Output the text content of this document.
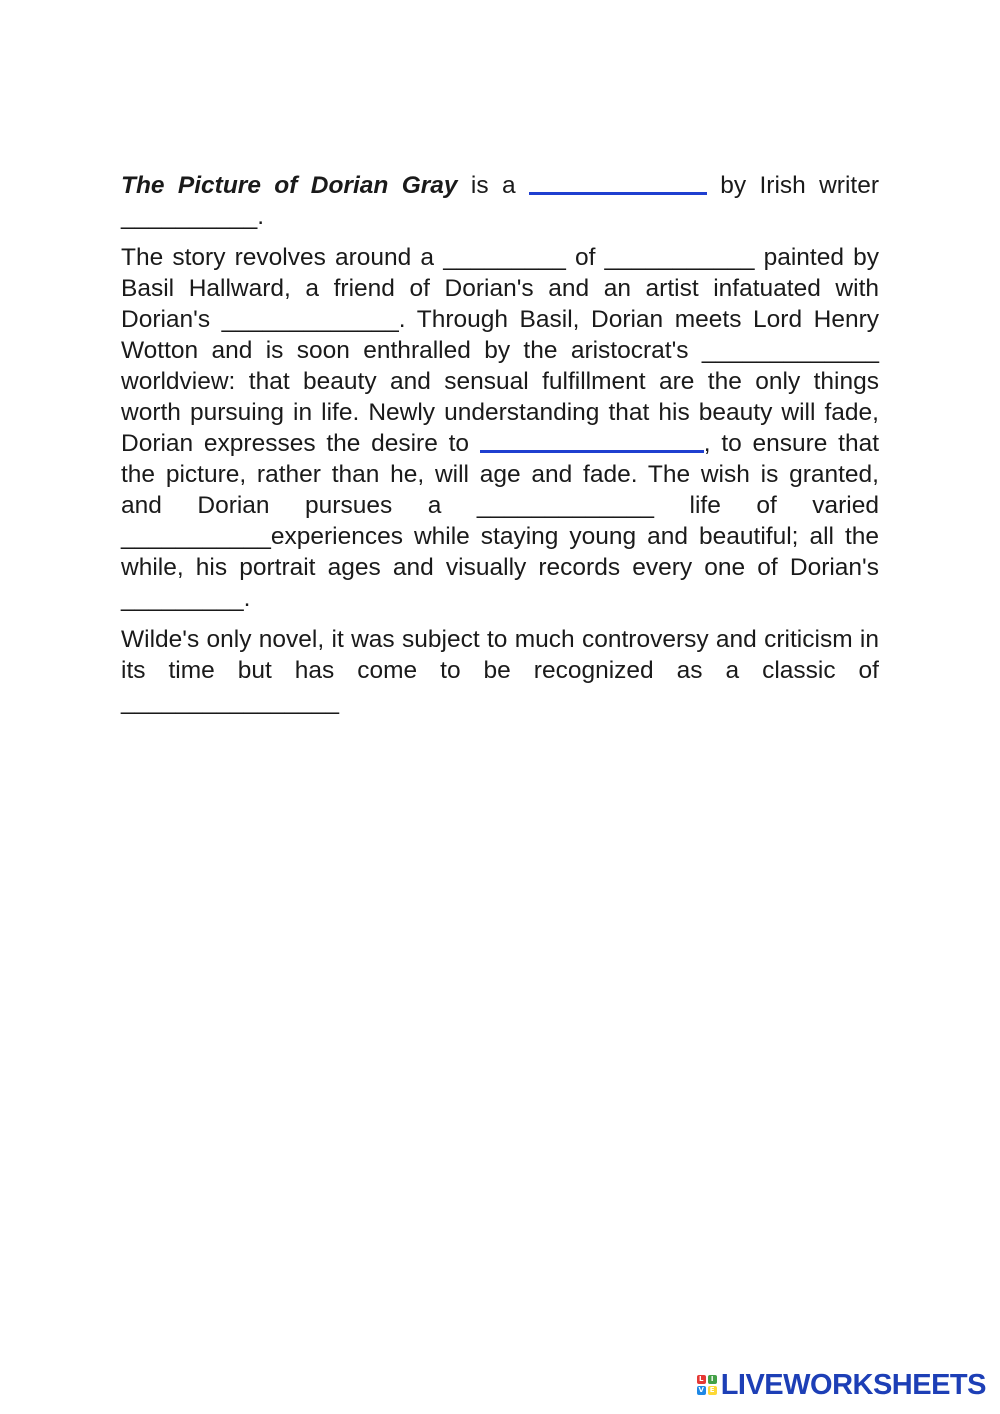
The Picture of Dorian Gray is a	by Irish writer __________.

The story revolves around a _________ of ___________ painted by Basil Hallward, a friend of Dorian's and an artist infatuated with Dorian's _____________. Through Basil, Dorian meets Lord Henry Wotton and is soon enthralled by the aristocrat's _____________ worldview: that beauty and sensual fulfillment are the only things worth pursuing in life. Newly understanding that his beauty will fade, Dorian expresses the desire to	, to ensure that the picture, rather than he, will age and fade. The wish is granted, and Dorian pursues a _____________ life of varied ___________experiences while staying young and beautiful; all the while, his portrait ages and visually records every one of Dorian's _________.

Wilde's only novel, it was subject to much controversy and criticism in its time but has come to be recognized as a classic of ________________

L	I
V E LIVEWORKSHEETS
